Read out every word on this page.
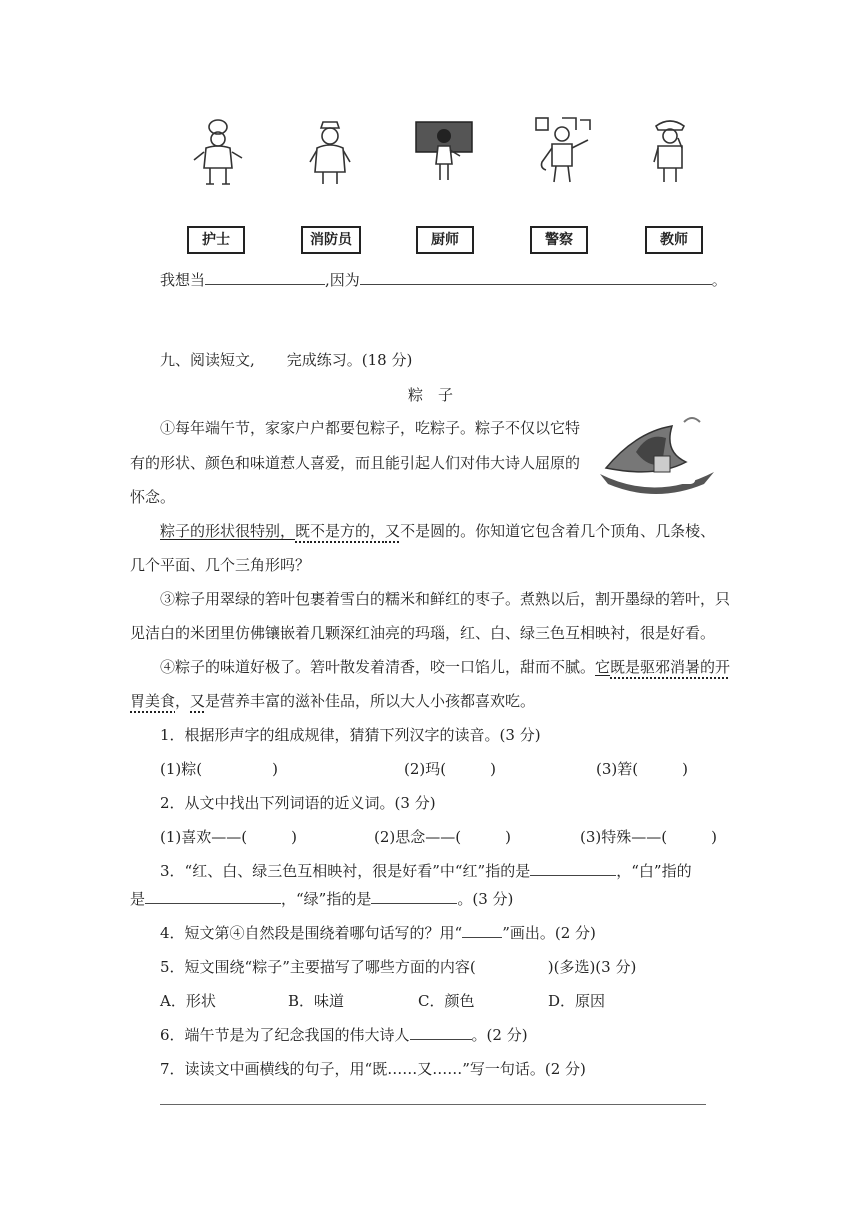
护士	消防员	厨师	警察	教师
我想当	,因为	。
九、阅读短文, 完成练习。(18 分)
粽　子
B
①每年端午节，家家户户都要包粽子，吃粽子。粽子不仅以它特
有的形状、颜色和味道惹人喜爱，而且能引起人们对伟大诗人屈原的
怀念。
粽子的形状很特别，既不是方的，又不是圆的。你知道它包含着几个顶角、几条棱、
几个平面、几个三角形吗？
③粽子用翠绿的箬叶包裹着雪白的糯米和鲜红的枣子。煮熟以后，割开墨绿的箬叶，只
见洁白的米团里仿佛镶嵌着几颗深红油亮的玛瑙，红、白、绿三色互相映衬，很是好看。
④粽子的味道好极了。箬叶散发着清香，咬一口馅儿，甜而不腻。它既是驱邪消暑的开
胃美食，又是营养丰富的滋补佳品，所以大人小孩都喜欢吃。
1．根据形声字的组成规律，猜猜下列汉字的读音。(3 分)
(1)粽(	)	(2)玛(	)	(3)箬(	)
2．从文中找出下列词语的近义词。(3 分)
(1)喜欢——(	)	(2)思念——(	)	(3)特殊——(	)
3．“红、白、绿三色互相映衬，很是好看”中“红”指的是	，“白”指的
是	，“绿”指的是	。(3 分)
4．短文第④自然段是围绕着哪句话写的？用“	”画出。(2 分)
5．短文围绕“粽子”主要描写了哪些方面的内容(	)(多选)(3 分)
A．形状	B．味道	C．颜色	D．原因
6．端午节是为了纪念我国的伟大诗人	。(2 分)
7．读读文中画横线的句子，用“既……又……”写一句话。(2 分)
